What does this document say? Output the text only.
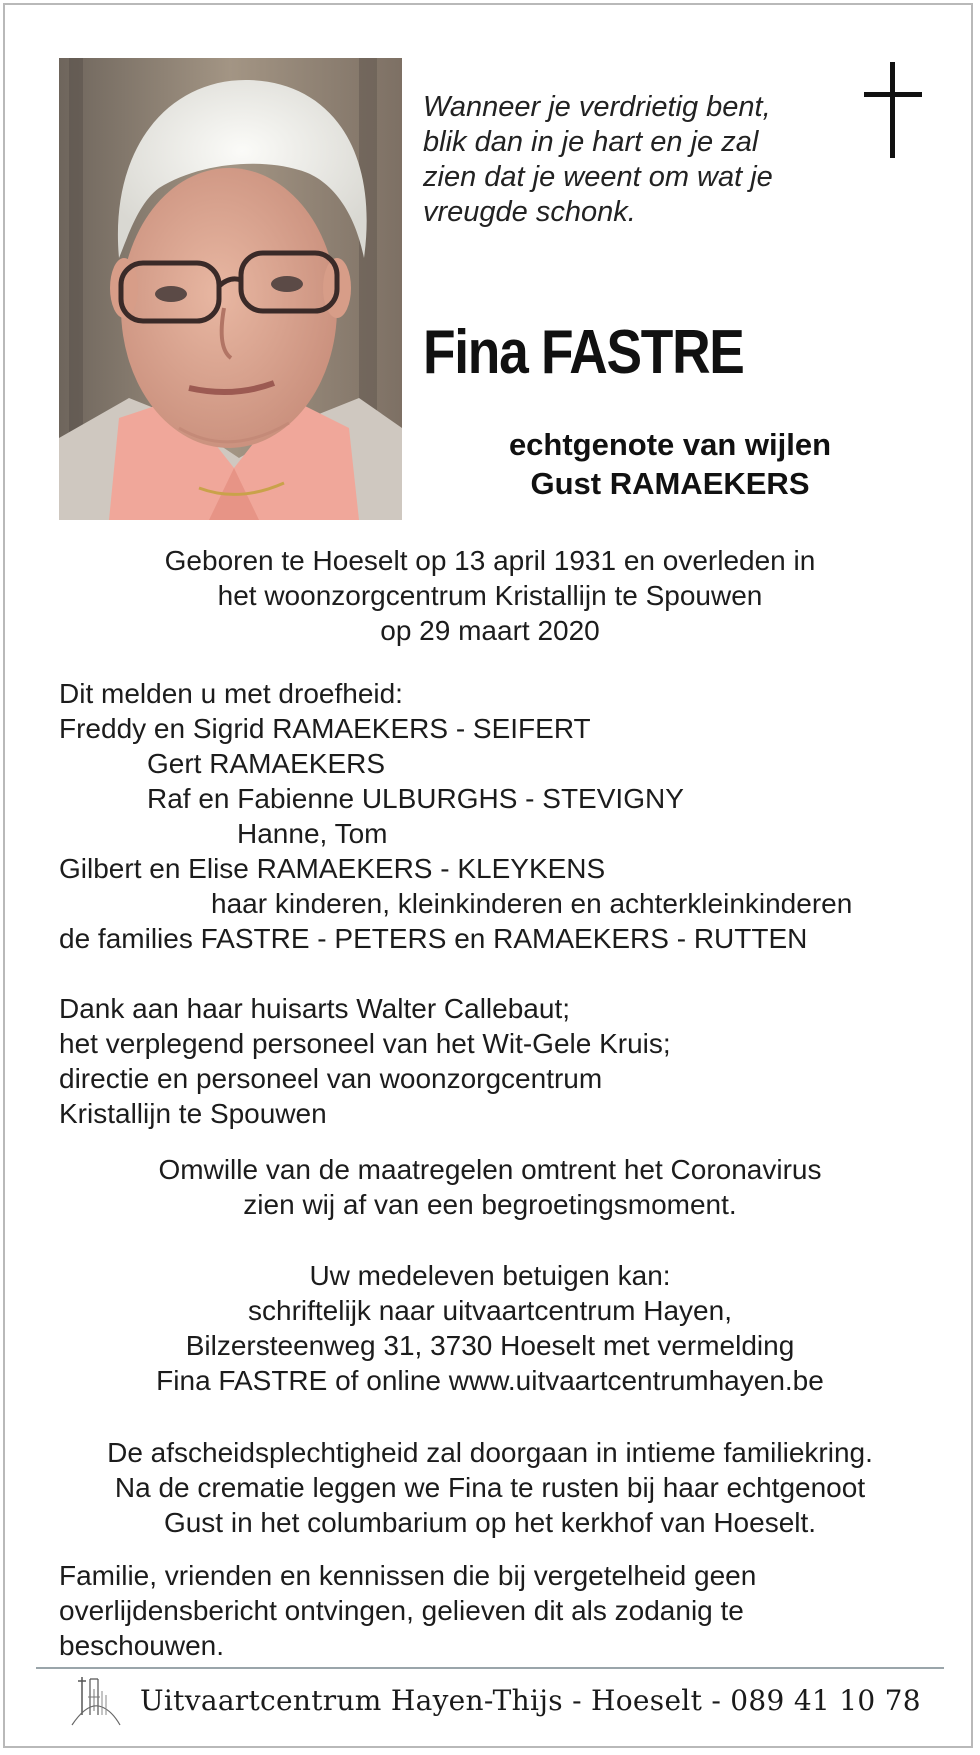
Wanneer je verdrietig bent,
blik dan in je hart en je zal
zien dat je weent om wat je
vreugde schonk.
Fina FASTRE
echtgenote van wijlen
Gust RAMAEKERS
Geboren te Hoeselt op 13 april 1931 en overleden in
het woonzorgcentrum Kristallijn te Spouwen
op 29 maart 2020
Dit melden u met droefheid:
Freddy en Sigrid RAMAEKERS - SEIFERT
Gert RAMAEKERS
Raf en Fabienne ULBURGHS - STEVIGNY
Hanne, Tom
Gilbert en Elise RAMAEKERS - KLEYKENS
haar kinderen, kleinkinderen en achterkleinkinderen
de families FASTRE - PETERS en RAMAEKERS - RUTTEN
Dank aan haar huisarts Walter Callebaut;
het verplegend personeel van het Wit-Gele Kruis;
directie en personeel van woonzorgcentrum
Kristallijn te Spouwen
Omwille van de maatregelen omtrent het Coronavirus
zien wij af van een begroetingsmoment.
Uw medeleven betuigen kan:
schriftelijk naar uitvaartcentrum Hayen,
Bilzersteenweg 31, 3730 Hoeselt met vermelding
Fina FASTRE of online www.uitvaartcentrumhayen.be
De afscheidsplechtigheid zal doorgaan in intieme familiekring.
Na de crematie leggen we Fina te rusten bij haar echtgenoot
Gust in het columbarium op het kerkhof van Hoeselt.
Familie, vrienden en kennissen die bij vergetelheid geen
overlijdensbericht ontvingen, gelieven dit als zodanig te
beschouwen.
Uitvaartcentrum Hayen-Thijs - Hoeselt - 089 41 10 78
